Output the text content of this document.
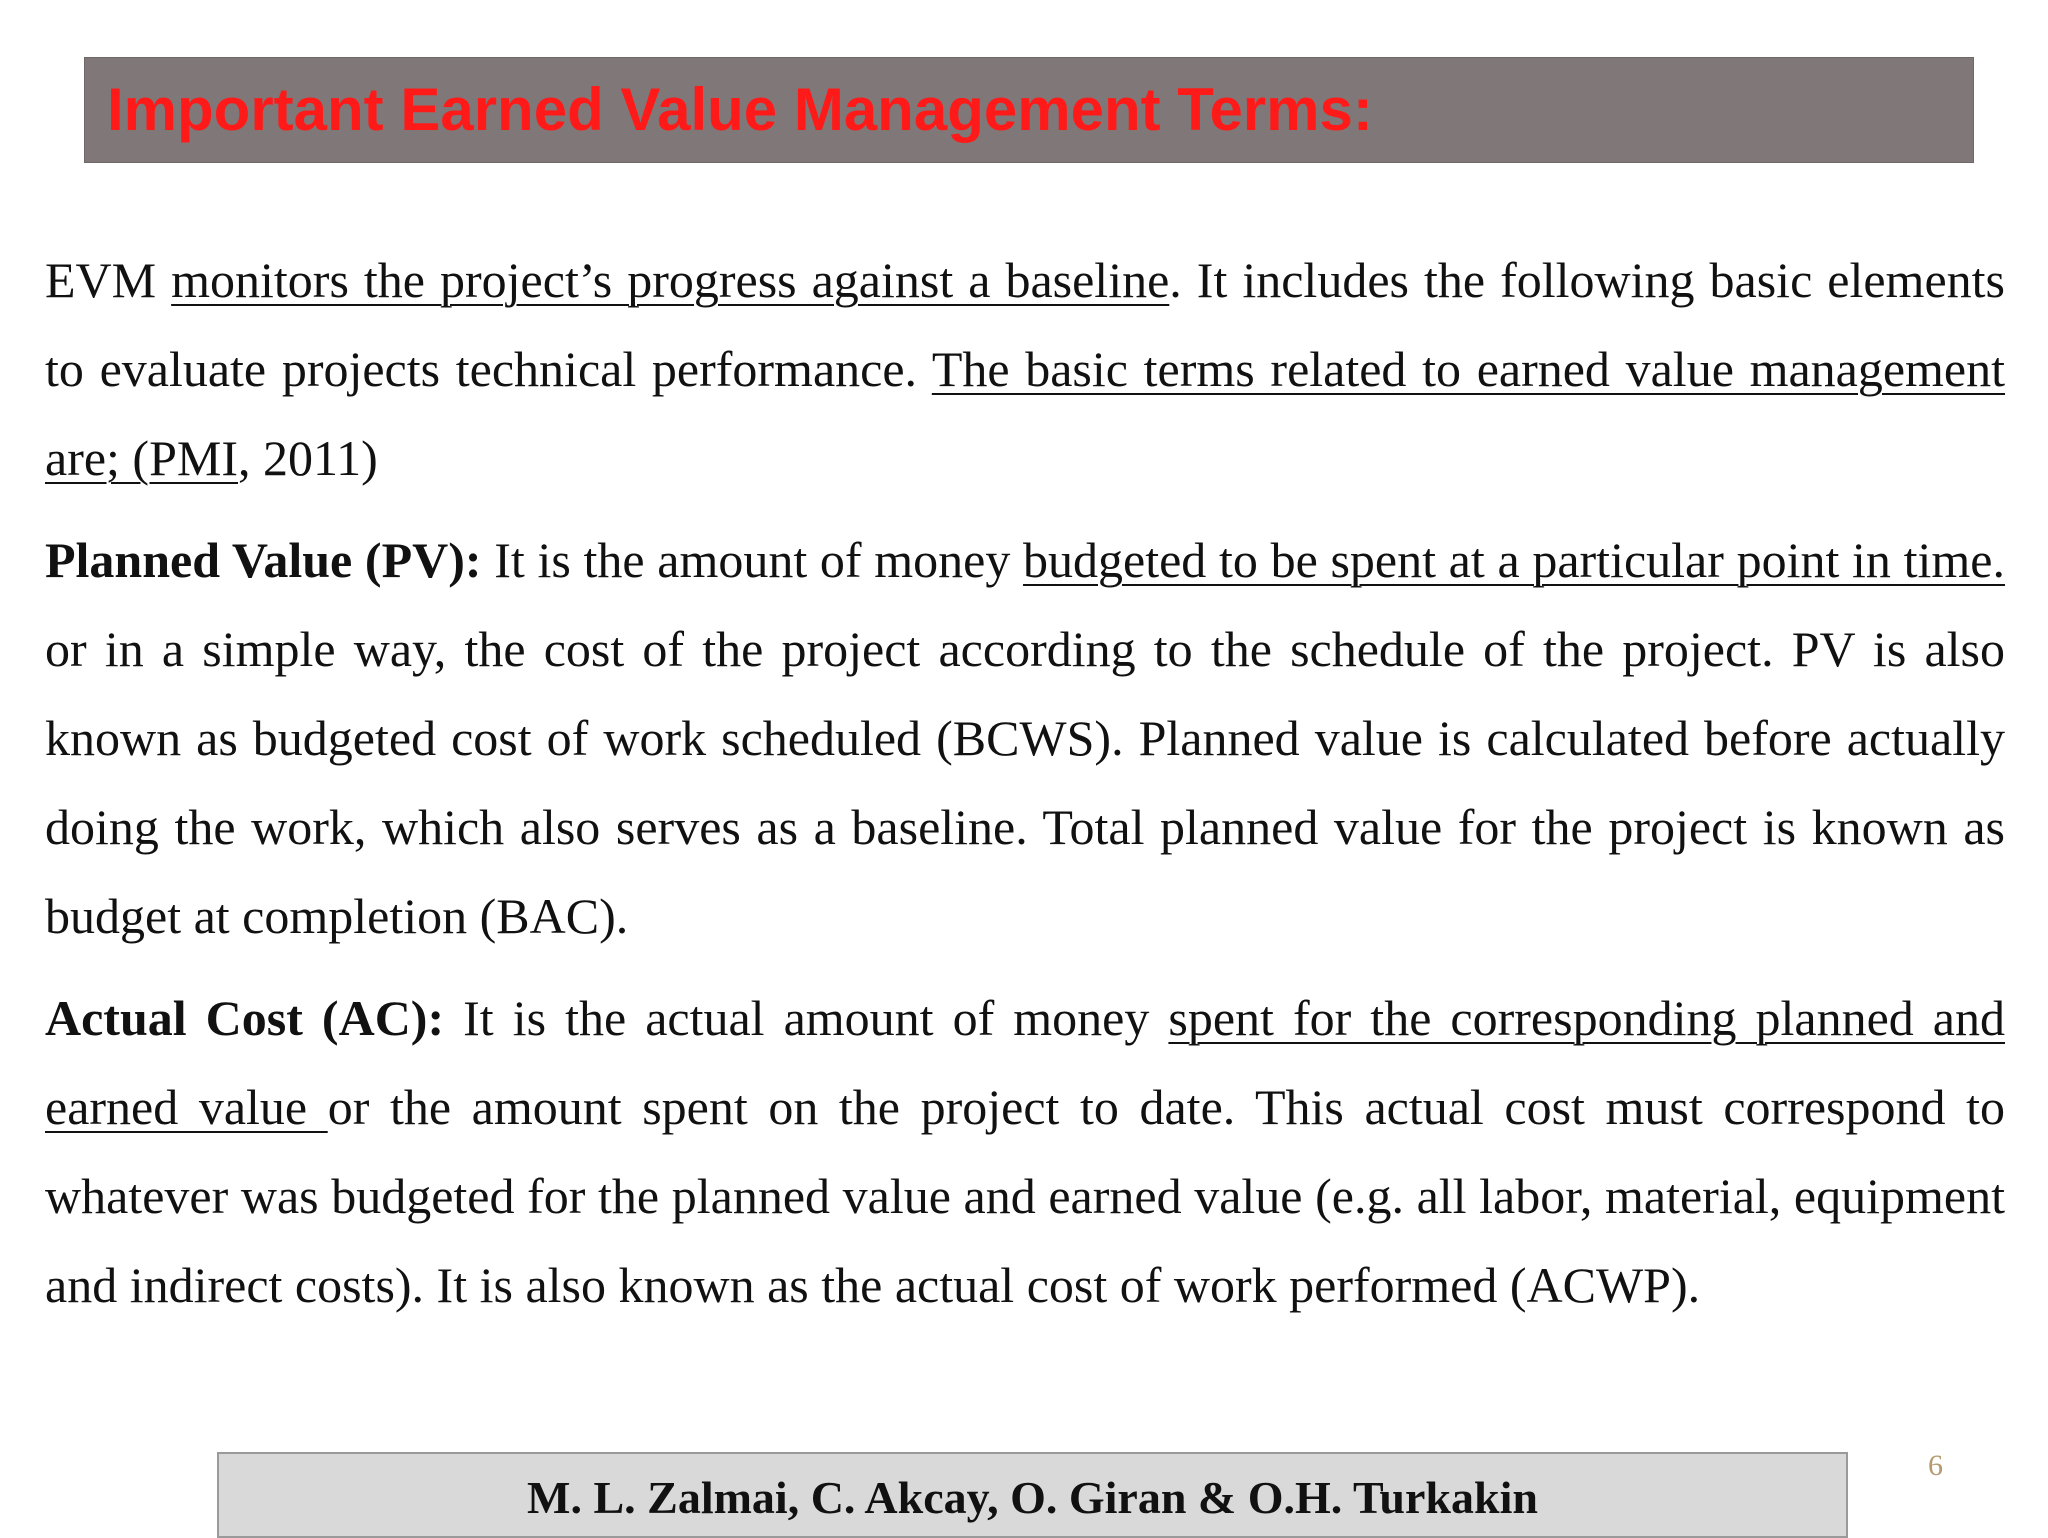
Important Earned Value Management Terms:

EVM monitors the project’s progress against a baseline. It includes the following basic elements to evaluate projects technical performance. The basic terms related to earned value management are; (PMI, 2011)

Planned Value (PV): It is the amount of money budgeted to be spent at a particular point in time. or in a simple way, the cost of the project according to the schedule of the project. PV is also known as budgeted cost of work scheduled (BCWS). Planned value is calculated before actually doing the work, which also serves as a baseline. Total planned value for the project is known as budget at completion (BAC).

Actual Cost (AC): It is the actual amount of money spent for the corresponding planned and earned value or the amount spent on the project to date. This actual cost must correspond to whatever was budgeted for the planned value and earned value (e.g. all labor, material, equipment and indirect costs). It is also known as the actual cost of work performed (ACWP).

M. L. Zalmai, C. Akcay, O. Giran & O.H. Turkakin
6
